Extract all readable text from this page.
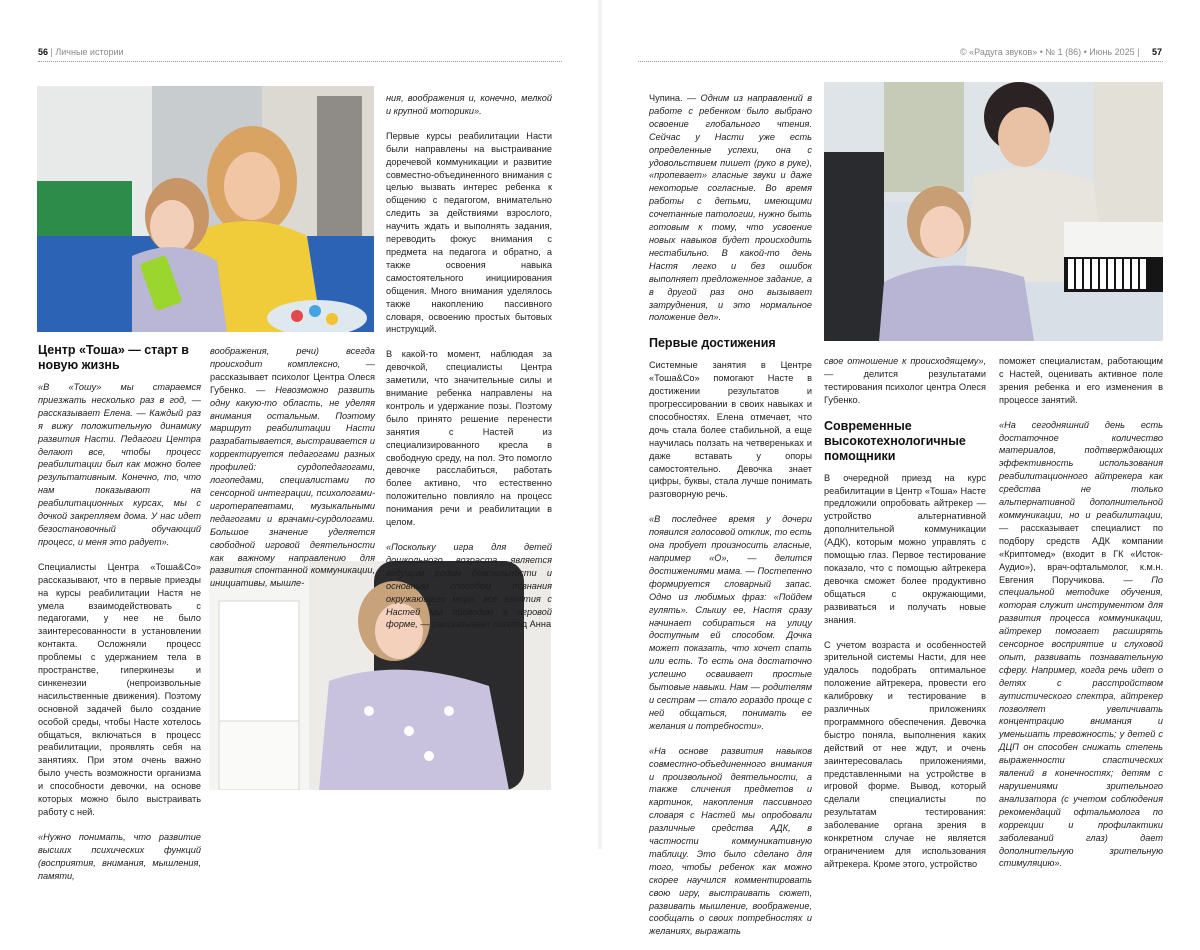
56 | Личные истории	© «Радуга звуков» • № 1 (86) • Июнь 2025 | 57
Центр «Тоша» — старт в новую жизнь

«В «Тошу» мы стараемся приезжать несколько раз в год, — рассказывает Елена. — Каждый раз я вижу положительную динамику развития Насти. Педагоги Центра делают все, чтобы процесс реабилитации был как можно более результативным. Конечно, то, что нам показывают на реабилитационных курсах, мы с дочкой закрепляем дома. У нас идет безостановочный обучающий процесс, и меня это радует».

Специалисты Центра «Тоша&Co» рассказывают, что в первые приезды на курсы реабилитации Настя не умела взаимодействовать с педагогами, у нее не было заинтересованности в установлении контакта. Осложняли процесс проблемы с удержанием тела в пространстве, гиперкинезы и синкенезии (непроизвольные насильственные движения). Поэтому основной задачей было создание особой среды, чтобы Насте хотелось общаться, включаться в процесс реабилитации, проявлять себя на занятиях. При этом очень важно было учесть возможности организма и способности девочки, на основе которых можно было выстраивать работу с ней.

«Нужно понимать, что развитие высших психических функций (восприятия, внимания, мышления, памяти,

воображения, речи) всегда происходит комплексно, — рассказывает психолог Центра Олеся Губенко. — Невозможно развить одну какую-то область, не уделяя внимания остальным. Поэтому маршрут реабилитации Насти разрабатывается, выстраивается и корректируется педагогами разных профилей: сурдопедагогами, логопедами, специалистами по сенсорной интеграции, психологами-игротерапевтами, музыкальными педагогами и врачами-сурдологами. Большое значение уделяется свободной игровой деятельности как важному направлению для развития спонтанной коммуникации, инициативы, мышле-

ния, воображения и, конечно, мелкой и крупной моторики».

Первые курсы реабилитации Насти были направлены на выстраивание доречевой коммуникации и развитие совместно-объединенного внимания с целью вызвать интерес ребенка к общению с педагогом, внимательно следить за действиями взрослого, научить ждать и выполнять задания, переводить фокус внимания с предмета на педагога и обратно, а также освоения навыка самостоятельного инициирования общения. Много внимания уделялось также накоплению пассивного словаря, освоению простых бытовых инструкций.

В какой-то момент, наблюдая за девочкой, специалисты Центра заметили, что значительные силы и внимание ребенка направлены на контроль и удержание позы. Поэтому было принято решение перенести занятия с Настей из специализированного кресла в свободную среду, на пол. Это помогло девочке расслабиться, работать более активно, что естественно положительно повлияло на процесс понимания речи и реабилитации в целом.

«Поскольку игра для детей дошкольного возраста является ведущим родом деятельности и основным способом познания окружающего мира, все занятия с Настей мы проводим в игровой форме, — рассказывает логопед Анна

Чупина. — Одним из направлений в работе с ребенком было выбрано освоение глобального чтения. Сейчас у Насти уже есть определенные успехи, она с удовольствием пишет (руко в руке), «пропевает» гласные звуки и даже некоторые согласные. Во время работы с детьми, имеющими сочетанные патологии, нужно быть готовым к тому, что усвоение новых навыков будет происходить нестабильно. В какой-то день Настя легко и без ошибок выполняет предложенное задание, а в другой раз оно вызывает затруднения, и это нормальное положение дел».

Первые достижения

Системные занятия в Центре «Тоша&Co» помогают Насте в достижении результатов и прогрессировании в своих навыках и способностях. Елена отмечает, что дочь стала более стабильной, а еще научилась ползать на четвереньках и даже вставать у опоры самостоятельно. Девочка знает цифры, буквы, стала лучше понимать разговорную речь.

«В последнее время у дочери появился голосовой отклик, то есть она пробует произносить гласные, например «О», — делится достижениями мама. — Постепенно формируется словарный запас. Одно из любимых фраз: «Пойдем гулять». Слышу ее, Настя сразу начинает собираться на улицу доступным ей способом. Дочка может показать, что хочет спать или есть. То есть она достаточно успешно осваивает простые бытовые навыки. Нам — родителям и сестрам — стало гораздо проще с ней общаться, понимать ее желания и потребности».

«На основе развития навыков совместно-объединенного внимания и произвольной деятельности, а также сличения предметов и картинок, накопления пассивного словаря с Настей мы опробовали различные средства АДК, в частности коммуникативную таблицу. Это было сделано для того, чтобы ребенок как можно скорее научился комментировать свою игру, выстраивать сюжет, развивать мышление, воображение, сообщать о своих потребностях и желаниях, выражать

свое отношение к происходящему», — делится результатами тестирования психолог центра Олеся Губенко.

Современные высокотехнологичные помощники

В очередной приезд на курс реабилитации в Центр «Тоша» Насте предложили опробовать айтрекер — устройство альтернативной дополнительной коммуникации (АДК), которым можно управлять с помощью глаз. Первое тестирование показало, что с помощью айтрекера девочка сможет более продуктивно общаться с окружающими, развиваться и получать новые знания.

С учетом возраста и особенностей зрительной системы Насти, для нее удалось подобрать оптимальное положение айтрекера, провести его калибровку и тестирование в различных приложениях программного обеспечения. Девочка быстро поняла, выполнения каких действий от нее ждут, и очень заинтересовалась приложениями, представленными на устройстве в игровой форме. Вывод, который сделали специалисты по результатам тестирования: заболевание органа зрения в конкретном случае не является ограничением для использования айтрекера. Кроме этого, устройство

поможет специалистам, работающим с Настей, оценивать активное поле зрения ребенка и его изменения в процессе занятий.

«На сегодняшний день есть достаточное количество материалов, подтверждающих эффективность использования реабилитационного айтрекера как средства не только альтернативной дополнительной коммуникации, но и реабилитации, — рассказывает специалист по подбору средств АДК компании «Криптомед» (входит в ГК «Исток-Аудио»), врач-офтальмолог, к.м.н. Евгения Поручикова. — По специальной методике обучения, которая служит инструментом для развития процесса коммуникации, айтрекер помогает расширять сенсорное восприятие и слуховой опыт, развивать познавательную сферу. Например, когда речь идет о детях с расстройством аутистического спектра, айтрекер позволяет увеличивать концентрацию внимания и уменьшать тревожность; у детей с ДЦП он способен снижать степень выраженности спастических явлений в конечностях; детям с нарушениями зрительного анализатора (с учетом соблюдения рекомендаций офтальмолога по коррекции и профилактики заболеваний глаз) дает дополнительную зрительную стимуляцию».
